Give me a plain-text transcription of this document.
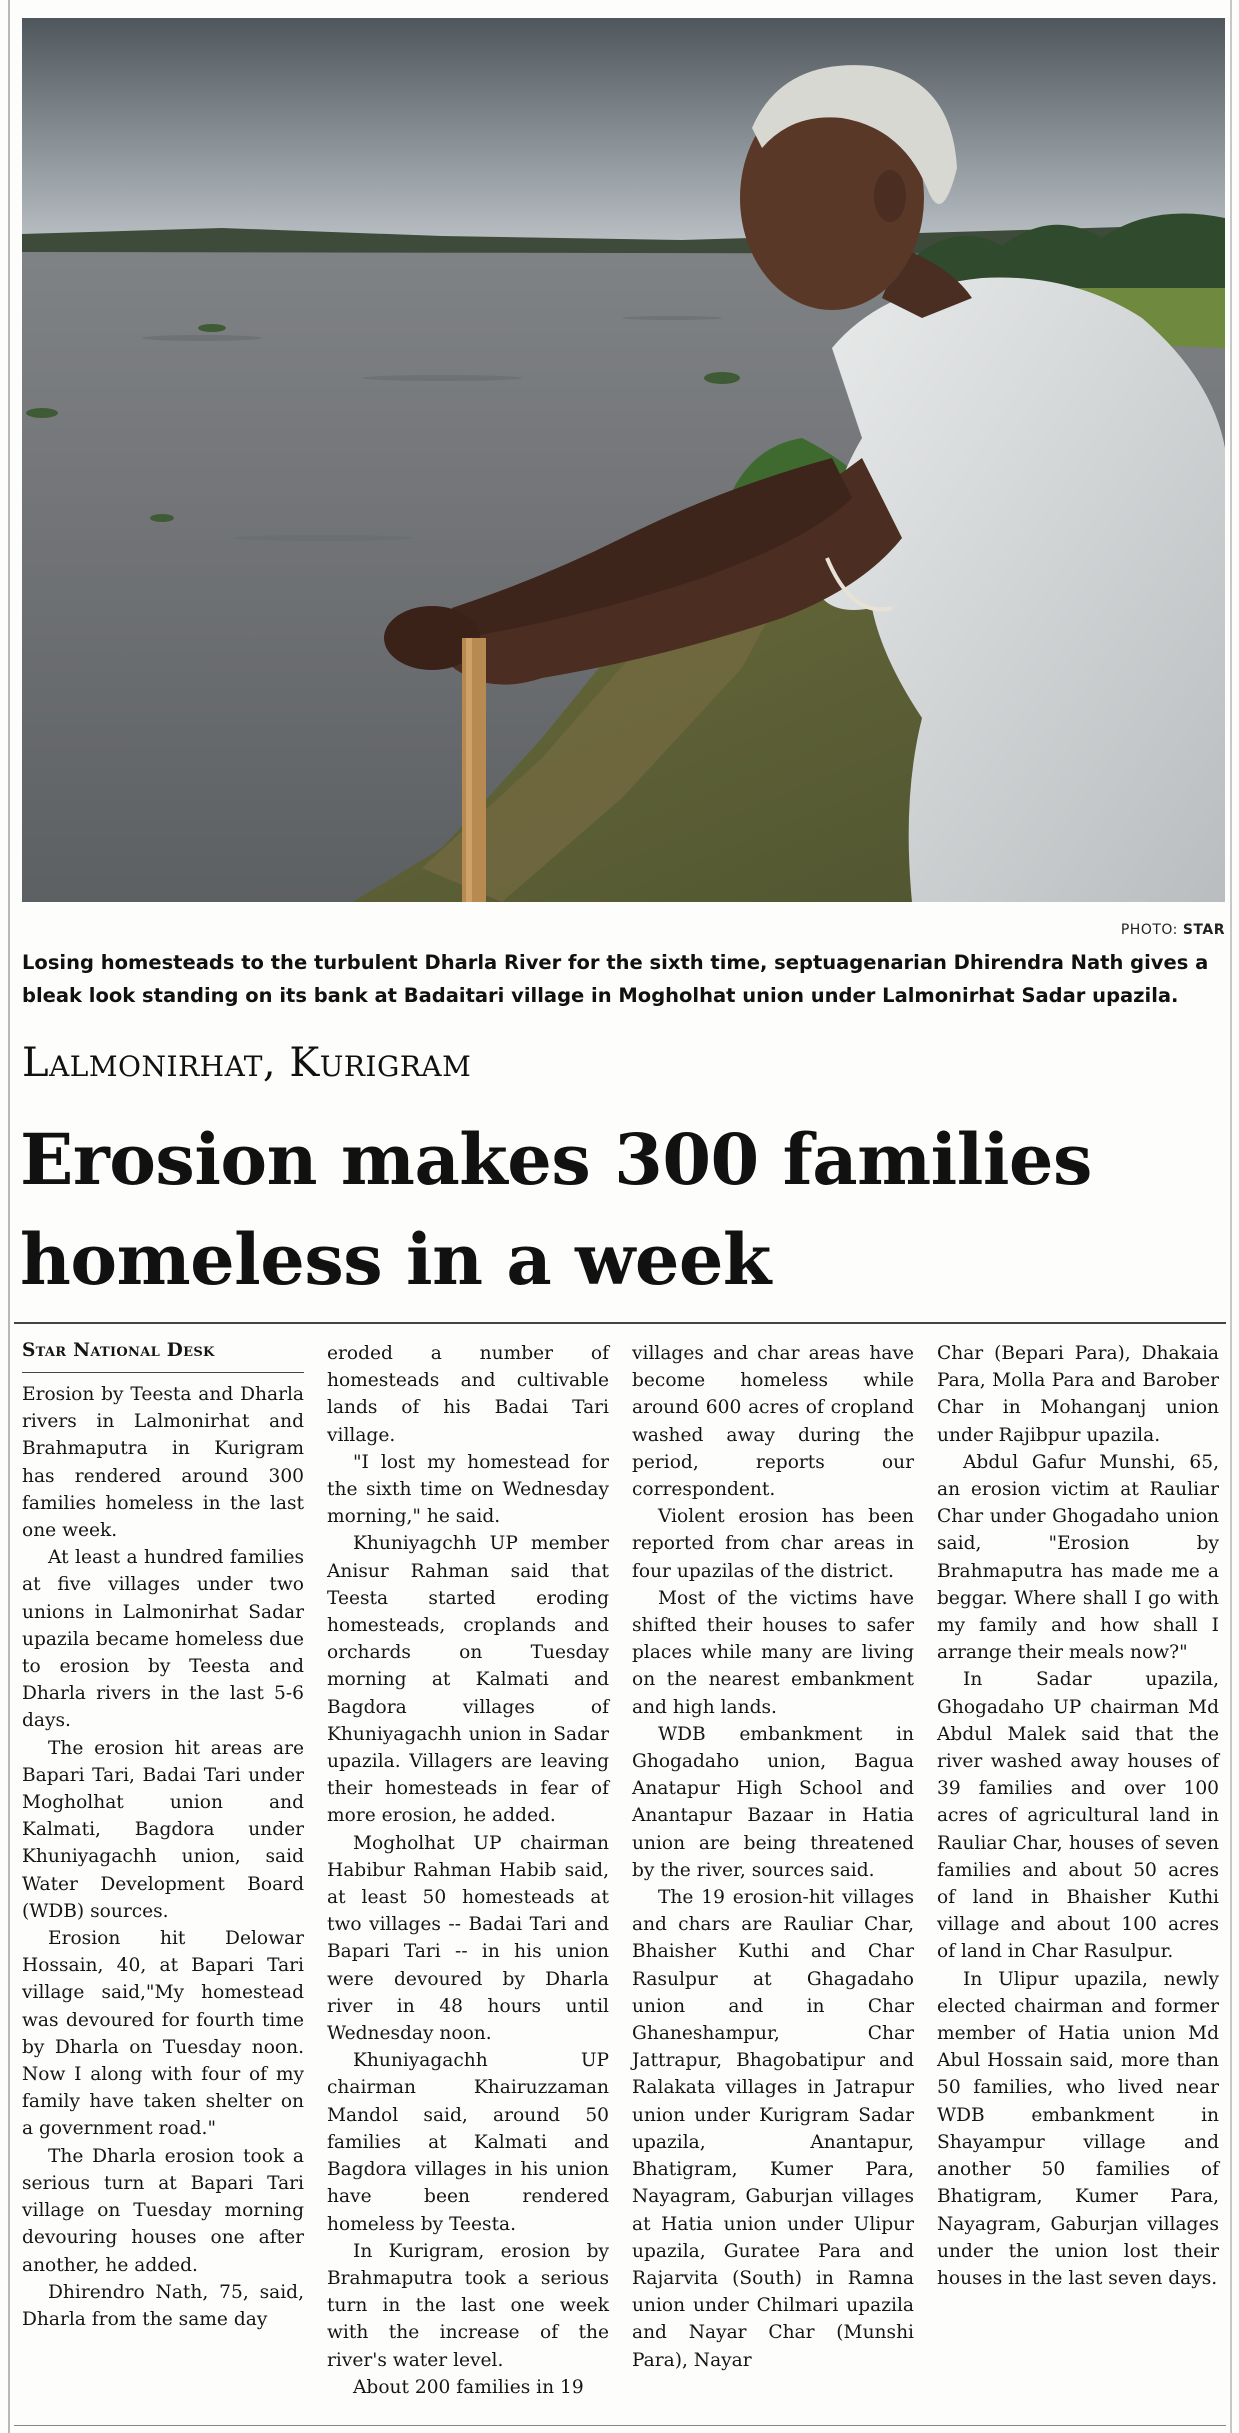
PHOTO: STAR
Losing homesteads to the turbulent Dharla River for the sixth time, septuagenarian Dhirendra Nath gives a bleak look standing on its bank at Badaitari village in Mogholhat union under Lalmonirhat Sadar upazila.
Lalmonirhat, Kurigram
Erosion makes 300 families homeless in a week
Star National Desk

Erosion by Teesta and Dharla rivers in Lalmonirhat and Brahmaputra in Kurigram has rendered around 300 families homeless in the last one week.

At least a hundred families at five villages under two unions in Lalmonirhat Sadar upazila became homeless due to erosion by Teesta and Dharla rivers in the last 5-6 days.

The erosion hit areas are Bapari Tari, Badai Tari under Mogholhat union and Kalmati, Bagdora under Khuniyagachh union, said Water Development Board (WDB) sources.

Erosion hit Delowar Hossain, 40, at Bapari Tari village said,"My homestead was devoured for fourth time by Dharla on Tuesday noon. Now I along with four of my family have taken shelter on a government road."

The Dharla erosion took a serious turn at Bapari Tari village on Tuesday morning devouring houses one after another, he added.

Dhirendro Nath, 75, said, Dharla from the same day

eroded a number of homesteads and cultivable lands of his Badai Tari village.

"I lost my homestead for the sixth time on Wednesday morning," he said.

Khuniyagchh UP member Anisur Rahman said that Teesta started eroding homesteads, croplands and orchards on Tuesday morning at Kalmati and Bagdora villages of Khuniyagachh union in Sadar upazila. Villagers are leaving their homesteads in fear of more erosion, he added.

Mogholhat UP chairman Habibur Rahman Habib said, at least 50 homesteads at two villages -- Badai Tari and Bapari Tari -- in his union were devoured by Dharla river in 48 hours until Wednesday noon.

Khuniyagachh UP chairman Khairuzzaman Mandol said, around 50 families at Kalmati and Bagdora villages in his union have been rendered homeless by Teesta.

In Kurigram, erosion by Brahmaputra took a serious turn in the last one week with the increase of the river's water level.

About 200 families in 19

villages and char areas have become homeless while around 600 acres of cropland washed away during the period, reports our correspondent.

Violent erosion has been reported from char areas in four upazilas of the district.

Most of the victims have shifted their houses to safer places while many are living on the nearest embankment and high lands.

WDB embankment in Ghogadaho union, Bagua Anatapur High School and Anantapur Bazaar in Hatia union are being threatened by the river, sources said.

The 19 erosion-hit villages and chars are Rauliar Char, Bhaisher Kuthi and Char Rasulpur at Ghagadaho union and in Char Ghaneshampur, Char Jattrapur, Bhagobatipur and Ralakata villages in Jatrapur union under Kurigram Sadar upazila, Anantapur, Bhatigram, Kumer Para, Nayagram, Gaburjan villages at Hatia union under Ulipur upazila, Guratee Para and Rajarvita (South) in Ramna union under Chilmari upazila and Nayar Char (Munshi Para), Nayar

Char (Bepari Para), Dhakaia Para, Molla Para and Barober Char in Mohanganj union under Rajibpur upazila.

Abdul Gafur Munshi, 65, an erosion victim at Rauliar Char under Ghogadaho union said, "Erosion by Brahmaputra has made me a beggar. Where shall I go with my family and how shall I arrange their meals now?"

In Sadar upazila, Ghogadaho UP chairman Md Abdul Malek said that the river washed away houses of 39 families and over 100 acres of agricultural land in Rauliar Char, houses of seven families and about 50 acres of land in Bhaisher Kuthi village and about 100 acres of land in Char Rasulpur.

In Ulipur upazila, newly elected chairman and former member of Hatia union Md Abul Hossain said, more than 50 families, who lived near WDB embankment in Shayampur village and another 50 families of Bhatigram, Kumer Para, Nayagram, Gaburjan villages under the union lost their houses in the last seven days.
